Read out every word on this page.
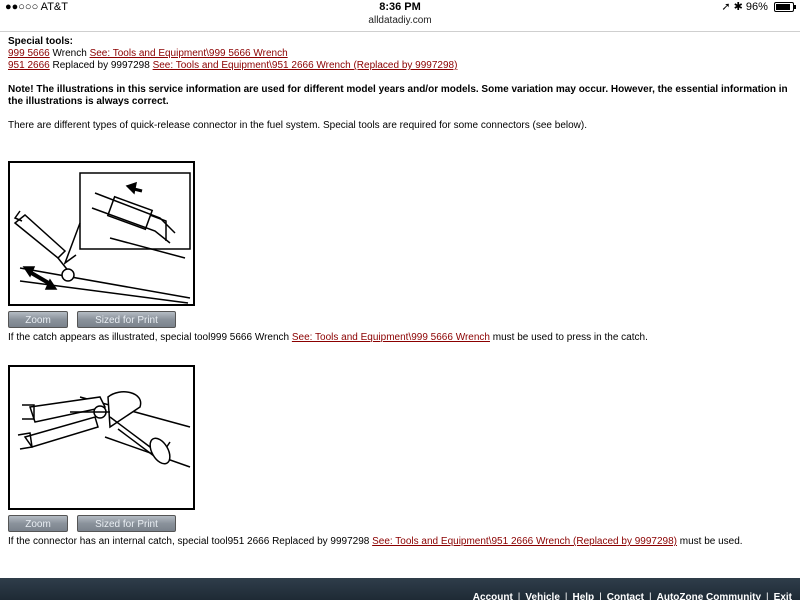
●●○○○ AT&T	8:36 PM	➚ ✱ 96%
alldatadiy.com

Special tools:

999 5666 Wrench See: Tools and Equipment\999 5666 Wrench

951 2666 Replaced by 9997298 See: Tools and Equipment\951 2666 Wrench (Replaced by 9997298)

Note! The illustrations in this service information are used for different model years and/or models. Some variation may occur. However, the essential information in the illustrations is always correct.

There are different types of quick-release connector in the fuel system. Special tools are required for some connectors (see below).

Zoom	Sized for Print
If the catch appears as illustrated, special tool999 5666 Wrench See: Tools and Equipment\999 5666 Wrench must be used to press in the catch.
Zoom	Sized for Print
If the connector has an internal catch, special tool951 2666 Replaced by 9997298 See: Tools and Equipment\951 2666 Wrench (Replaced by 9997298) must be used.
Account | Vehicle | Help | Contact | AutoZone Community | Exit
